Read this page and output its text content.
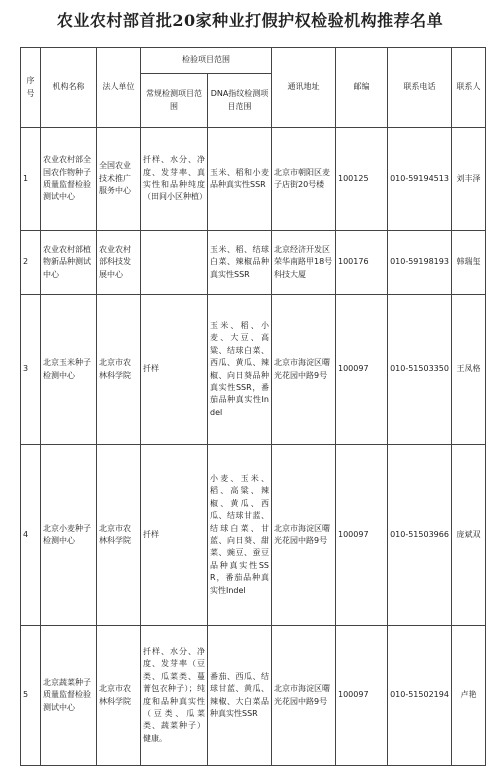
农业农村部首批20家种业打假护权检验机构推荐名单
序号	机构名称	法人单位	检验项目范围		通讯地址	邮编	联系电话	联系人
			常规检测项目范围	DNA指纹检测项目范围				
1	农业农村部全国农作物种子质量监督检验测试中心	全国农业技术推广服务中心	扦样、水分、净度、发芽率、真实性和品种纯度（田间小区种植）	玉米、稻和小麦品种真实性SSR	北京市朝阳区麦子店街20号楼	100125	010-59194513	刘丰泽
2	农业农村部植物新品种测试中心	农业农村部科技发展中心		玉米、稻、结球白菜、辣椒品种真实性SSR	北京经济开发区荣华南路甲18号科技大厦	100176	010-59198193	韩瑞玺
3	北京玉米种子检测中心	北京市农林科学院	扦样	玉米、稻、小麦、大豆、高粱、结球白菜、西瓜、黄瓜、辣椒、向日葵品种真实性SSR，番茄品种真实性Indel	北京市海淀区曙光花园中路9号	100097	010-51503350	王凤格
4	北京小麦种子检测中心	北京市农林科学院	扦样	小麦、玉米、稻、高粱、辣椒、黄瓜、西瓜、结球甘蓝、结球白菜、甘蓝、向日葵、甜菜、豌豆、蚕豆品种真实性SSR，番茄品种真实性Indel	北京市海淀区曙光花园中路9号	100097	010-51503966	庞斌双
5	北京蔬菜种子质量监督检验测试中心	北京市农林科学院	扦样、水分、净度、发芽率（豆类、瓜菜类、蔓菁包衣种子）；纯度和品种真实性（豆类、瓜菜类、蔬菜种子）健康。	番茄、西瓜、结球甘蓝、黄瓜、辣椒、大白菜品种真实性SSR	北京市海淀区曙光花园中路9号	100097	010-51502194	卢艳
